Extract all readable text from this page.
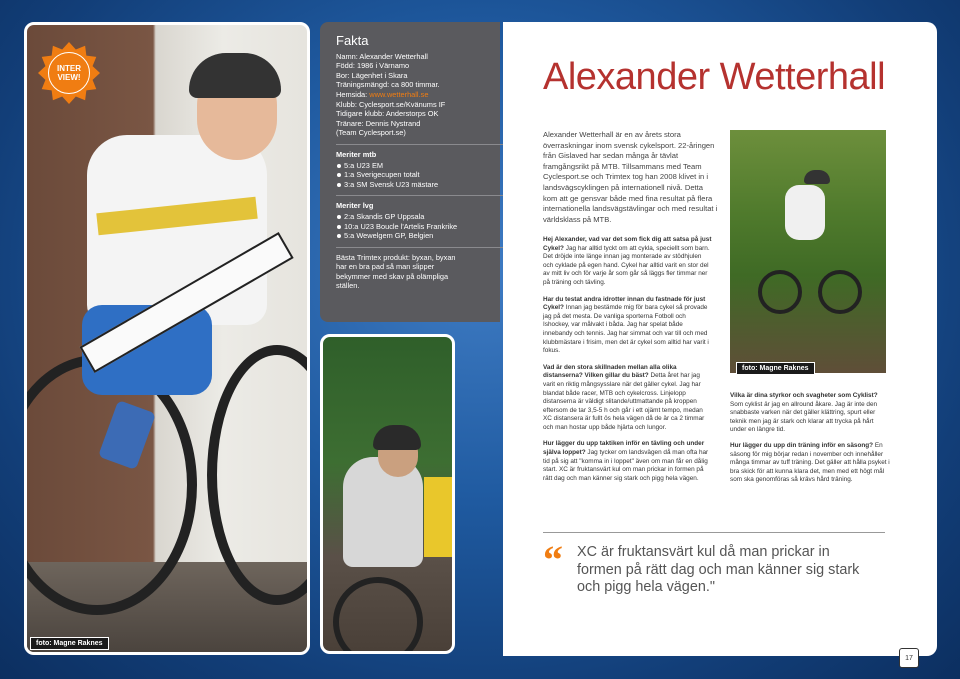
foto: Magne Raknes
INTER
VIEW!
Fakta
Namn: Alexander Wetterhall
Född: 1986 i Värnamo
Bor: Lägenhet i Skara
Träningsmängd: ca 800 timmar.
Hemsida: www.wetterhall.se
Klubb: Cyclesport.se/Kvänums IF
Tidigare klubb: Anderstorps OK
Tränare: Dennis Nystrand
(Team Cyclesport.se)
Meriter mtb
5:a U23 EM
1:a Sverigecupen totalt
3:a SM Svensk U23 mästare
Meriter lvg
2:a Skandis GP Uppsala
10:a U23 Boucle l'Artelis Frankrike
5:a Wewelgem GP, Belgien
Bästa Trimtex produkt: byxan, byxan
har en bra pad så man slipper
bekymmer med skav på olämpliga
ställen.
Alexander Wetterhall
Alexander Wetterhall är en av årets stora överraskningar inom svensk cykelsport. 22-åringen från Gislaved har sedan många år tävlat framgångsrikt på MTB. Tillsammans med Team Cyclesport.se och Trimtex tog han 2008 klivet in i landsvägscyklingen på internationell nivå. Detta kom att ge gensvar både med fina resultat på flera internationella landsvägstävlingar och med resultat i världsklass på MTB.

Hej Alexander, vad var det som fick dig att satsa på just Cykel? Jag har alltid tyckt om att cykla, speciellt som barn. Det dröjde inte länge innan jag monterade av stödhjulen och cyklade på egen hand. Cykel har alltid varit en stor del av mitt liv och för varje år som går så läggs fler timmar ner på träning och tävling.

Har du testat andra idrotter innan du fastnade för just Cykel? Innan jag bestämde mig för bara cykel så provade jag på det mesta. De vanliga sporterna Fotboll och Ishockey, var målvakt i båda. Jag har spelat både innebandy och tennis. Jag har simmat och var till och med klubbmästare i frisim, men det är cykel som alltid har varit i fokus.

Vad är den stora skillnaden mellan alla olika distanserna? Vilken gillar du bäst? Detta året har jag varit en riktig mångsysslare när det gäller cykel. Jag har blandat både racer, MTB och cykelcross. Linjelopp distanserna är väldigt slitande/uttmattande på kroppen eftersom de tar 3,5-5 h och går i ett ojämt tempo, medan XC distansera är fullt ös hela vägen då de är ca 2 timmar och man hostar upp både hjärta och lungor.

Hur lägger du upp taktiken inför en tävling och under själva loppet? Jag tycker om landsvägen då man ofta har tid på sig att "komma in i loppet" även om man får en dålig start. XC är fruktansvärt kul om man prickar in formen på rätt dag och man känner sig stark och pigg hela vägen.

foto: Magne Raknes

Vilka är dina styrkor och svagheter som Cyklist? Som cyklist är jag en allround åkare. Jag är inte den snabbaste varken när det gäller klättring, spurt eller teknik men jag är stark och klarar att trycka på hårt under en längre tid.

Hur lägger du upp din träning inför en säsong? En säsong för mig börjar redan i november och innehåller många timmar av tuff träning. Det gäller att hålla psyket i bra skick för att kunna klara det, men med ett högt mål som ska genomföras så krävs hård träning.

“ XC är fruktansvärt kul då man prickar in formen på rätt dag och man känner sig stark och pigg hela vägen."
17
